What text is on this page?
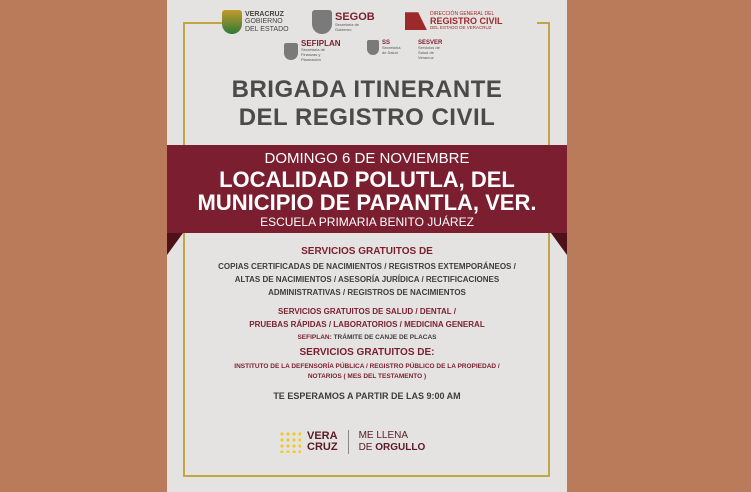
VERACRUZ
GOBIERNO
DEL ESTADO
SEGOB
Secretaría de Gobierno
DIRECCIÓN GENERAL DEL
REGISTRO CIVIL
DEL ESTADO DE VERACRUZ
SEFIPLAN
Secretaría de Finanzas y Planeación
SS
Secretaría de Salud
SESVER
Servicios de Salud de Veracruz
BRIGADA ITINERANTE
DEL REGISTRO CIVIL
DOMINGO 6 DE NOVIEMBRE
LOCALIDAD POLUTLA, DEL
MUNICIPIO DE PAPANTLA, VER.
ESCUELA PRIMARIA BENITO JUÁREZ
SERVICIOS GRATUITOS DE
COPIAS CERTIFICADAS DE NACIMIENTOS / REGISTROS EXTEMPORÁNEOS /
ALTAS DE NACIMIENTOS / ASESORÍA JURÍDICA / RECTIFICACIONES
ADMINISTRATIVAS / REGISTROS DE NACIMIENTOS
SERVICIOS GRATUITOS DE SALUD / DENTAL /
PRUEBAS RÁPIDAS / LABORATORIOS / MEDICINA GENERAL
SEFIPLAN: TRÁMITE DE CANJE DE PLACAS
SERVICIOS GRATUITOS DE:
INSTITUTO DE LA DEFENSORÍA PÚBLICA / REGISTRO PÚBLICO DE LA PROPIEDAD /
NOTARIOS ( MES DEL TESTAMENTO )
TE ESPERAMOS A PARTIR DE LAS 9:00 AM
VERA
CRUZ
ME LLENA
DE ORGULLO
